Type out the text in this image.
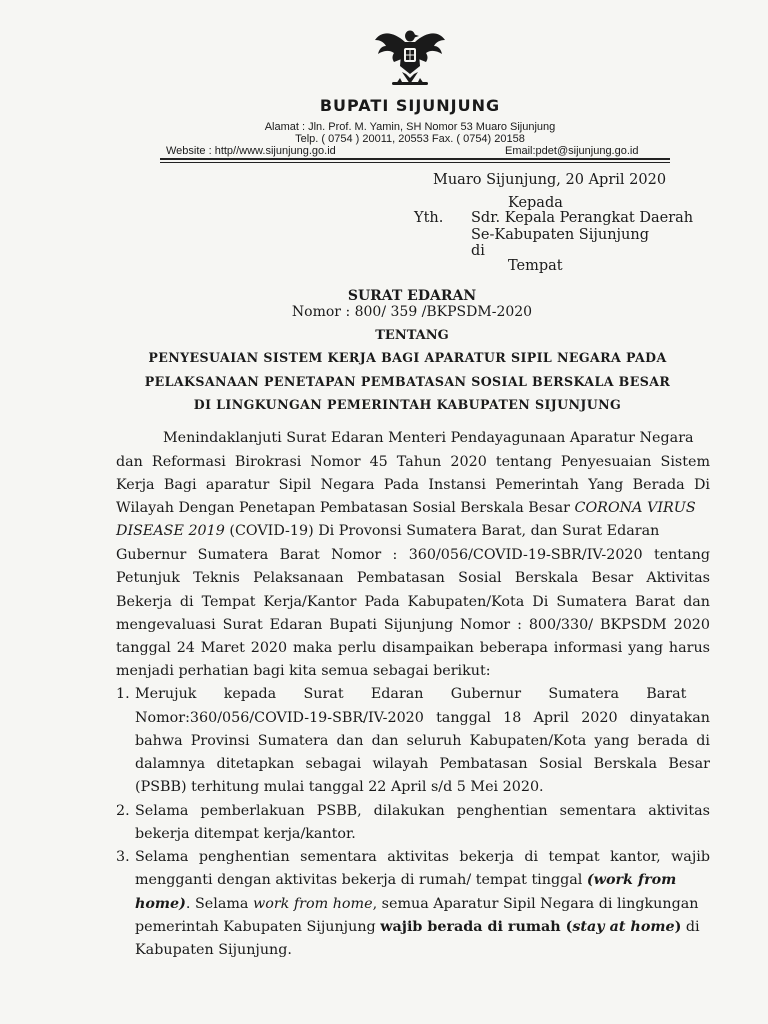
BUPATI SIJUNJUNG
Alamat : Jln. Prof. M. Yamin, SH Nomor 53 Muaro Sijunjung
Telp. ( 0754 ) 20011, 20553 Fax. ( 0754) 20158
Website : http//www.sijunjung.go.id	Email:pdet@sijunjung.go.id
Muaro Sijunjung, 20 April 2020
Kepada
Yth. Sdr. Kepala Perangkat Daerah
Se-Kabupaten Sijunjung
di
Tempat
SURAT EDARAN
Nomor : 800/ 359 /BKPSDM-2020
TENTANG
PENYESUAIAN SISTEM KERJA BAGI APARATUR SIPIL NEGARA PADA
PELAKSANAAN PENETAPAN PEMBATASAN SOSIAL BERSKALA BESAR
DI LINGKUNGAN PEMERINTAH KABUPATEN SIJUNJUNG
Menindaklanjuti Surat Edaran Menteri Pendayagunaan Aparatur Negara
dan Reformasi Birokrasi Nomor 45 Tahun 2020 tentang Penyesuaian Sistem
Kerja Bagi aparatur Sipil Negara Pada Instansi Pemerintah Yang Berada Di
Wilayah Dengan Penetapan Pembatasan Sosial Berskala Besar CORONA VIRUS
DISEASE 2019 (COVID-19) Di Provonsi Sumatera Barat, dan Surat Edaran
Gubernur Sumatera Barat Nomor : 360/056/COVID-19-SBR/IV-2020 tentang
Petunjuk Teknis Pelaksanaan Pembatasan Sosial Berskala Besar Aktivitas
Bekerja di Tempat Kerja/Kantor Pada Kabupaten/Kota Di Sumatera Barat dan
mengevaluasi Surat Edaran Bupati Sijunjung Nomor : 800/330/ BKPSDM 2020
tanggal 24 Maret 2020 maka perlu disampaikan beberapa informasi yang harus
menjadi perhatian bagi kita semua sebagai berikut:
1. Merujuk      kepada      Surat      Edaran      Gubernur      Sumatera      Barat
Nomor:360/056/COVID-19-SBR/IV-2020 tanggal 18 April 2020 dinyatakan
bahwa Provinsi Sumatera dan dan seluruh Kabupaten/Kota yang berada di
dalamnya ditetapkan sebagai wilayah Pembatasan Sosial Berskala Besar
(PSBB) terhitung mulai tanggal 22 April s/d 5 Mei 2020.
2. Selama pemberlakuan PSBB, dilakukan penghentian sementara aktivitas
bekerja ditempat kerja/kantor.
3. Selama penghentian sementara aktivitas bekerja di tempat kantor, wajib
mengganti dengan aktivitas bekerja di rumah/ tempat tinggal (work from
home). Selama work from home, semua Aparatur Sipil Negara di lingkungan
pemerintah Kabupaten Sijunjung wajib berada di rumah (stay at home) di
Kabupaten Sijunjung.
